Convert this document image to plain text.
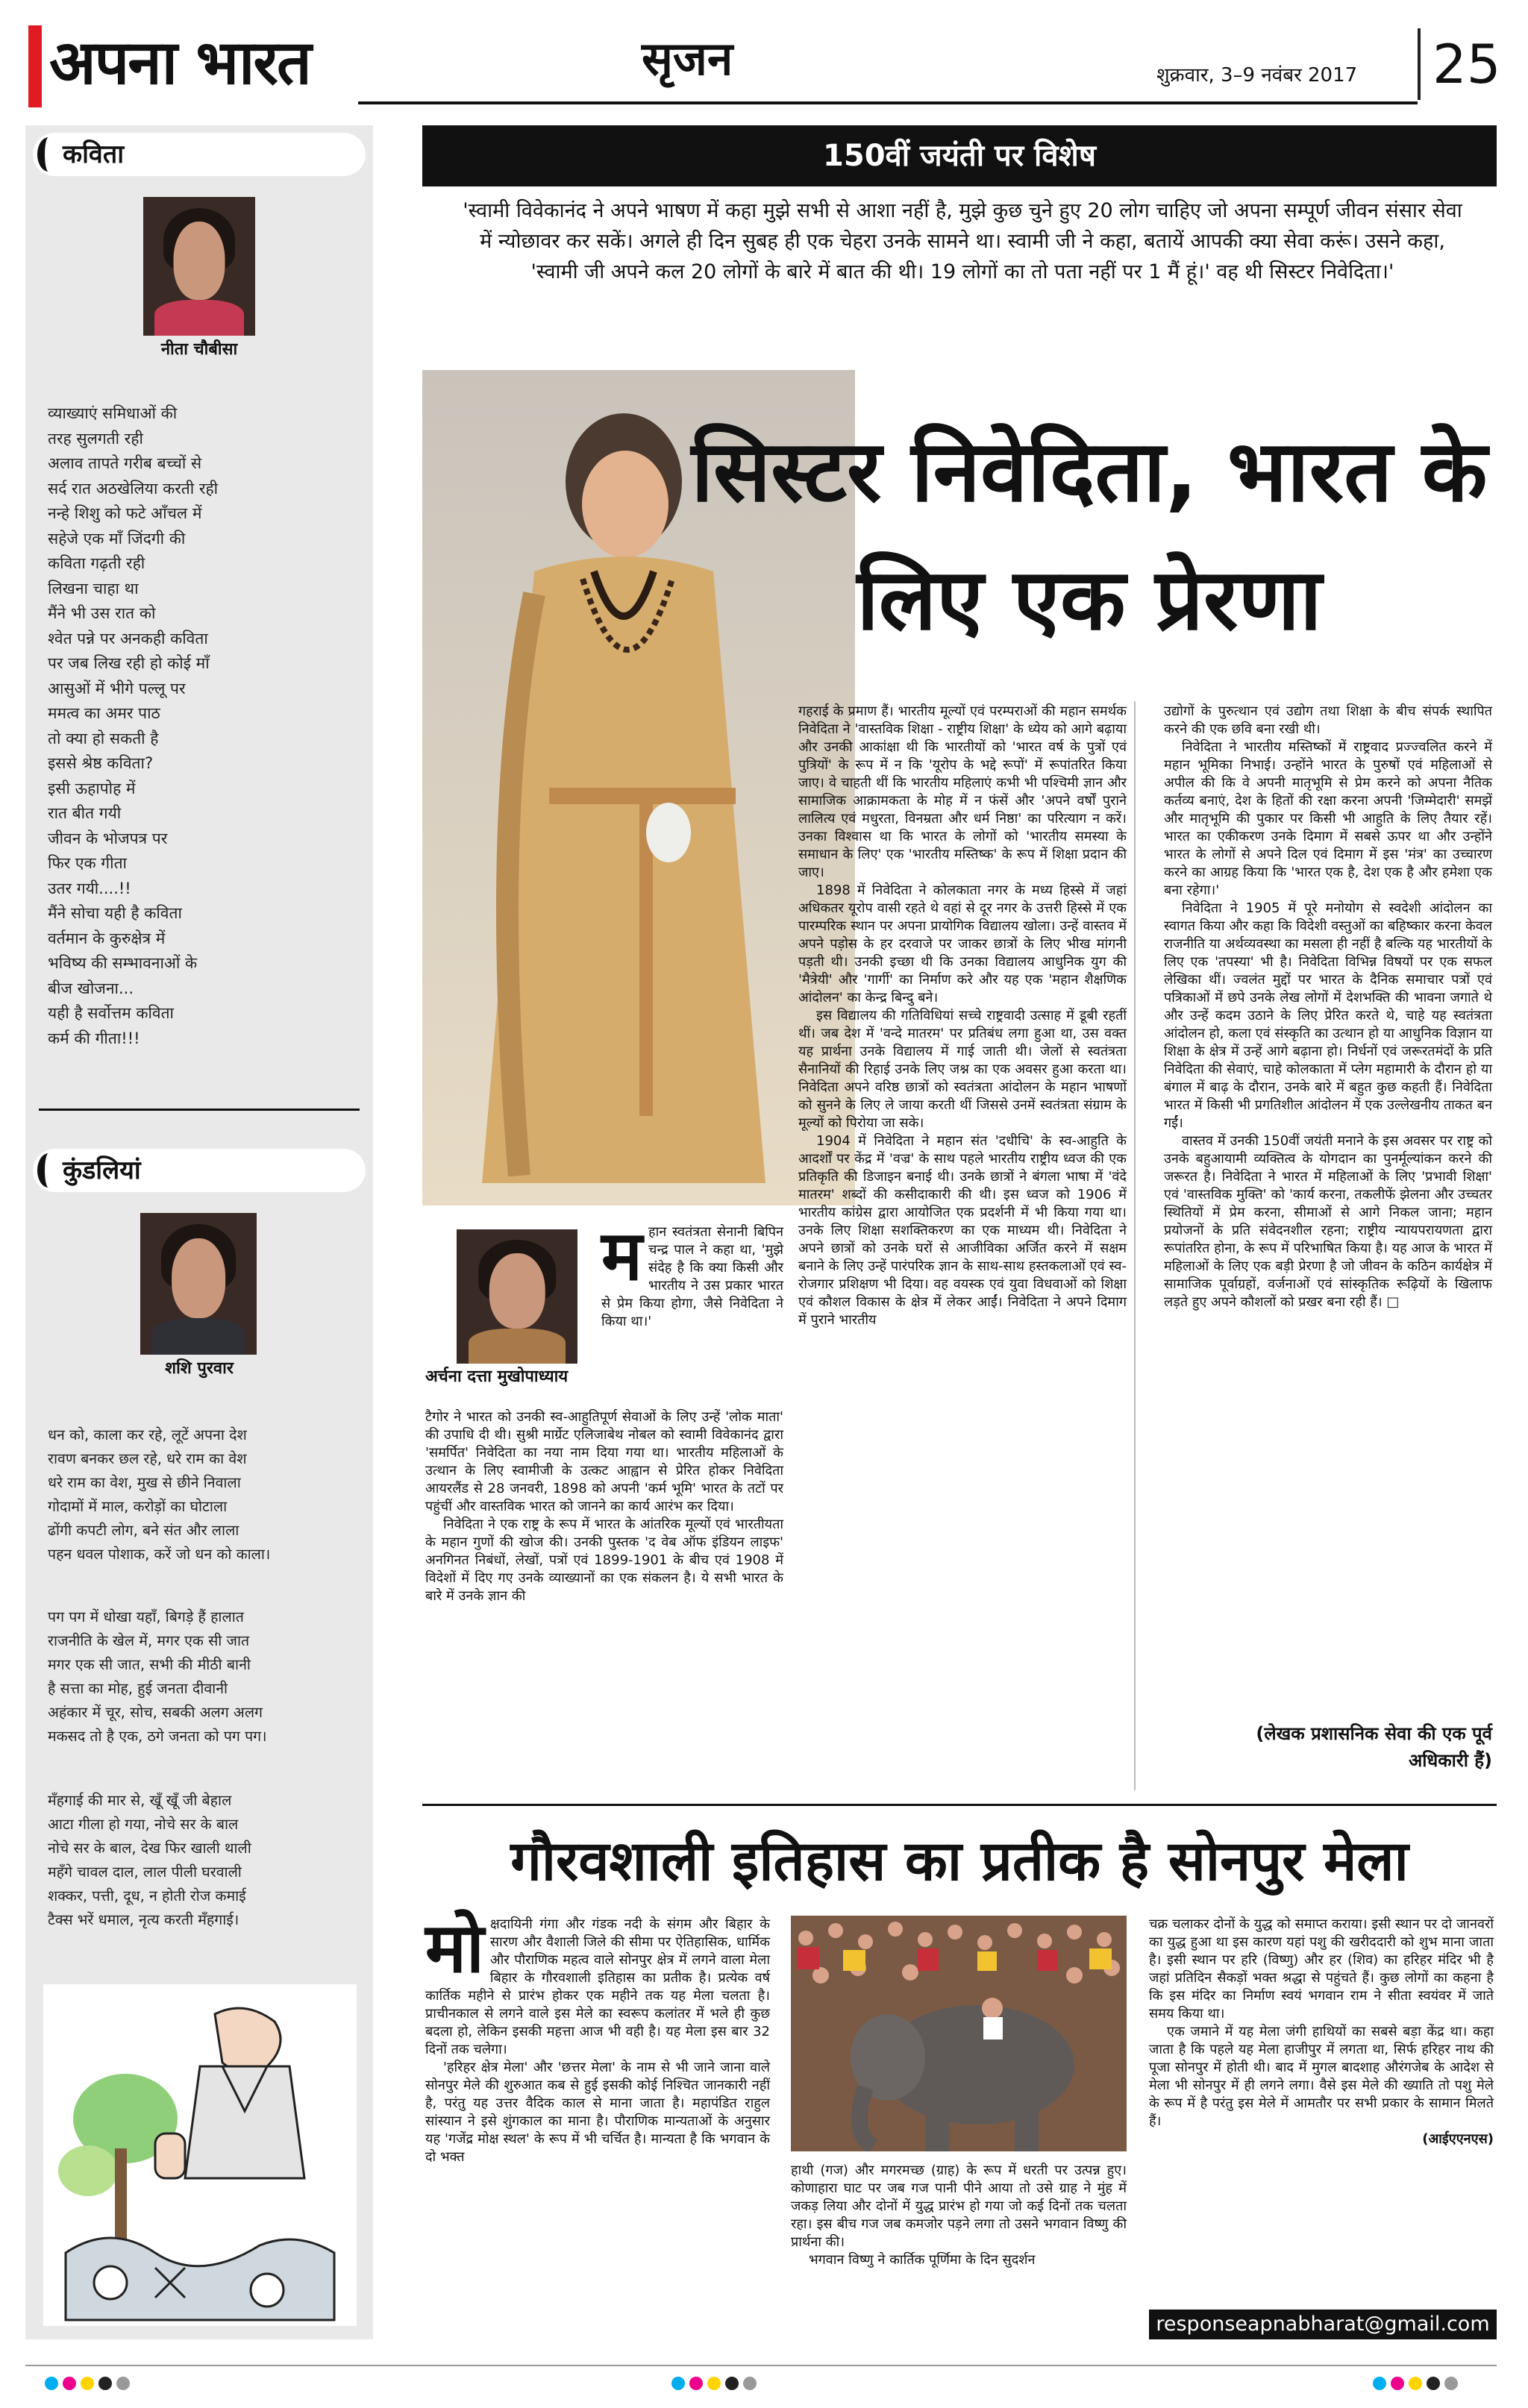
अपना भारत	सृजन	शुक्रवार, 3–9 नवंबर 2017 25
कविता
नीता चौबीसा
व्याख्याएं समिधाओं की
तरह सुलगती रही
अलाव तापते गरीब बच्चों से
सर्द रात अठखेलिया करती रही
नन्हे शिशु को फटे आँचल में
सहेजे एक माँ जिंदगी की
कविता गढ़ती रही
लिखना चाहा था
मैंने भी उस रात को
श्वेत पन्ने पर अनकही कविता
पर जब लिख रही हो कोई माँ
आसुओं में भीगे पल्लू पर
ममत्व का अमर पाठ
तो क्या हो सकती है
इससे श्रेष्ठ कविता?
इसी ऊहापोह में
रात बीत गयी
जीवन के भोजपत्र पर
फिर एक गीता
उतर गयी....!!
मैंने सोचा यही है कविता
वर्तमान के कुरुक्षेत्र में
भविष्य की सम्भावनाओं के
बीज खोजना...
यही है सर्वोत्तम कविता
कर्म की गीता!!!
कुंडलियां
शशि पुरवार
धन को, काला कर रहे, लूटें अपना देश
रावण बनकर छल रहे, धरे राम का वेश
धरे राम का वेश, मुख से छीने निवाला
गोदामों में माल, करोड़ों का घोटाला
ढोंगी कपटी लोग, बने संत और लाला
पहन धवल पोशाक, करें जो धन को काला।
पग पग में धोखा यहाँ, बिगड़े हैं हालात
राजनीति के खेल में, मगर एक सी जात
मगर एक सी जात, सभी की मीठी बानी
है सत्ता का मोह, हुई जनता दीवानी
अहंकार में चूर, सोच, सबकी अलग अलग
मकसद तो है एक, ठगे जनता को पग पग।
मँहगाई की मार से, खूँ खूँ जी बेहाल
आटा गीला हो गया, नोचे सर के बाल
नोचे सर के बाल, देख फिर खाली थाली
महँगे चावल दाल, लाल पीली घरवाली
शक्कर, पत्ती, दूध, न होती रोज कमाई
टैक्स भरें धमाल, नृत्य करती मँहगाई।
150वीं जयंती पर विशेष
'स्वामी विवेकानंद ने अपने भाषण में कहा मुझे सभी से आशा नहीं है, मुझे कुछ चुने हुए 20 लोग चाहिए जो अपना सम्पूर्ण जीवन संसार सेवा में न्योछावर कर सकें। अगले ही दिन सुबह ही एक चेहरा उनके सामने था। स्वामी जी ने कहा, बतायें आपकी क्या सेवा करूं। उसने कहा, 'स्वामी जी अपने कल 20 लोगों के बारे में बात की थी। 19 लोगों का तो पता नहीं पर 1 मैं हूं।' वह थी सिस्टर निवेदिता।'
सिस्टर निवेदिता, भारत के लिए एक प्रेरणा
अर्चना दत्ता मुखोपाध्याय
महान स्वतंत्रता सेनानी बिपिन चन्द्र पाल ने कहा था, 'मुझे संदेह है कि क्या किसी और भारतीय ने उस प्रकार भारत से प्रेम किया होगा, जैसे निवेदिता ने किया था।'

टैगोर ने भारत को उनकी स्व-आहुतिपूर्ण सेवाओं के लिए उन्हें 'लोक माता' की उपाधि दी थी। सुश्री मार्ग्रेट एलिजाबेथ नोबल को स्वामी विवेकानंद द्वारा 'समर्पित' निवेदिता का नया नाम दिया गया था। भारतीय महिलाओं के उत्थान के लिए स्वामीजी के उत्कट आह्वान से प्रेरित होकर निवेदिता आयरलैंड से 28 जनवरी, 1898 को अपनी 'कर्म भूमि' भारत के तटों पर पहुंचीं और वास्तविक भारत को जानने का कार्य आरंभ कर दिया।

निवेदिता ने एक राष्ट्र के रूप में भारत के आंतरिक मूल्यों एवं भारतीयता के महान गुणों की खोज की। उनकी पुस्तक 'द वेब ऑफ इंडियन लाइफ' अनगिनत निबंधों, लेखों, पत्रों एवं 1899-1901 के बीच एवं 1908 में विदेशों में दिए गए उनके व्याख्यानों का एक संकलन है। ये सभी भारत के बारे में उनके ज्ञान की

गहराई के प्रमाण हैं। भारतीय मूल्यों एवं परम्पराओं की महान समर्थक निवेदिता ने 'वास्तविक शिक्षा - राष्ट्रीय शिक्षा' के ध्येय को आगे बढ़ाया और उनकी आकांक्षा थी कि भारतीयों को 'भारत वर्ष के पुत्रों एवं पुत्रियों' के रूप में न कि 'यूरोप के भद्दे रूपों' में रूपांतरित किया जाए। वे चाहती थीं कि भारतीय महिलाएं कभी भी पश्चिमी ज्ञान और सामाजिक आक्रामकता के मोह में न फंसें और 'अपने वर्षों पुराने लालित्य एवं मधुरता, विनम्रता और धर्म निष्ठा' का परित्याग न करें। उनका विश्वास था कि भारत के लोगों को 'भारतीय समस्या के समाधान के लिए' एक 'भारतीय मस्तिष्क' के रूप में शिक्षा प्रदान की जाए।

1898 में निवेदिता ने कोलकाता नगर के मध्य हिस्से में जहां अधिकतर यूरोप वासी रहते थे वहां से दूर नगर के उत्तरी हिस्से में एक पारम्परिक स्थान पर अपना प्रायोगिक विद्यालय खोला। उन्हें वास्तव में अपने पड़ोस के हर दरवाजे पर जाकर छात्रों के लिए भीख मांगनी पड़ती थी। उनकी इच्छा थी कि उनका विद्यालय आधुनिक युग की 'मैत्रेयी' और 'गार्गी' का निर्माण करे और यह एक 'महान शैक्षणिक आंदोलन' का केन्द्र बिन्दु बने।

इस विद्यालय की गतिविधियां सच्चे राष्ट्रवादी उत्साह में डूबी रहतीं थीं। जब देश में 'वन्दे मातरम' पर प्रतिबंध लगा हुआ था, उस वक्त यह प्रार्थना उनके विद्यालय में गाई जाती थी। जेलों से स्वतंत्रता सैनानियों की रिहाई उनके लिए जश्न का एक अवसर हुआ करता था। निवेदिता अपने वरिष्ठ छात्रों को स्वतंत्रता आंदोलन के महान भाषणों को सुनने के लिए ले जाया करती थीं जिससे उनमें स्वतंत्रता संग्राम के मूल्यों को पिरोया जा सके।

1904 में निवेदिता ने महान संत 'दधीचि' के स्व-आहुति के आदर्शों पर केंद्र में 'वज्र' के साथ पहले भारतीय राष्ट्रीय ध्वज की एक प्रतिकृति की डिजाइन बनाई थी। उनके छात्रों ने बंगला भाषा में 'वंदे मातरम' शब्दों की कसीदाकारी की थी। इस ध्वज को 1906 में भारतीय कांग्रेस द्वारा आयोजित एक प्रदर्शनी में भी किया गया था। उनके लिए शिक्षा सशक्तिकरण का एक माध्यम थी। निवेदिता ने अपने छात्रों को उनके घरों से आजीविका अर्जित करने में सक्षम बनाने के लिए उन्हें पारंपरिक ज्ञान के साथ-साथ हस्तकलाओं एवं स्व-रोजगार प्रशिक्षण भी दिया। वह वयस्क एवं युवा विधवाओं को शिक्षा एवं कौशल विकास के क्षेत्र में लेकर आईं। निवेदिता ने अपने दिमाग में पुराने भारतीय

उद्योगों के पुरुत्थान एवं उद्योग तथा शिक्षा के बीच संपर्क स्थापित करने की एक छवि बना रखी थी।

निवेदिता ने भारतीय मस्तिष्कों में राष्ट्रवाद प्रज्ज्वलित करने में महान भूमिका निभाई। उन्होंने भारत के पुरुषों एवं महिलाओं से अपील की कि वे अपनी मातृभूमि से प्रेम करने को अपना नैतिक कर्तव्य बनाएं, देश के हितों की रक्षा करना अपनी 'जिम्मेदारी' समझें और मातृभूमि की पुकार पर किसी भी आहुति के लिए तैयार रहें। भारत का एकीकरण उनके दिमाग में सबसे ऊपर था और उन्होंने भारत के लोगों से अपने दिल एवं दिमाग में इस 'मंत्र' का उच्चारण करने का आग्रह किया कि 'भारत एक है, देश एक है और हमेशा एक बना रहेगा।'

निवेदिता ने 1905 में पूरे मनोयोग से स्वदेशी आंदोलन का स्वागत किया और कहा कि विदेशी वस्तुओं का बहिष्कार करना केवल राजनीति या अर्थव्यवस्था का मसला ही नहीं है बल्कि यह भारतीयों के लिए एक 'तपस्या' भी है। निवेदिता विभिन्न विषयों पर एक सफल लेखिका थीं। ज्वलंत मुद्दों पर भारत के दैनिक समाचार पत्रों एवं पत्रिकाओं में छपे उनके लेख लोगों में देशभक्ति की भावना जगाते थे और उन्हें कदम उठाने के लिए प्रेरित करते थे, चाहे यह स्वतंत्रता आंदोलन हो, कला एवं संस्कृति का उत्थान हो या आधुनिक विज्ञान या शिक्षा के क्षेत्र में उन्हें आगे बढ़ाना हो। निर्धनों एवं जरूरतमंदों के प्रति निवेदिता की सेवाएं, चाहे कोलकाता में प्लेग महामारी के दौरान हो या बंगाल में बाढ़ के दौरान, उनके बारे में बहुत कुछ कहती हैं। निवेदिता भारत में किसी भी प्रगतिशील आंदोलन में एक उल्लेखनीय ताकत बन गईं।

वास्तव में उनकी 150वीं जयंती मनाने के इस अवसर पर राष्ट्र को उनके बहुआयामी व्यक्तित्व के योगदान का पुनर्मूल्यांकन करने की जरूरत है। निवेदिता ने भारत में महिलाओं के लिए 'प्रभावी शिक्षा' एवं 'वास्तविक मुक्ति' को 'कार्य करना, तकलीफें झेलना और उच्चतर स्थितियों में प्रेम करना, सीमाओं से आगे निकल जाना; महान प्रयोजनों के प्रति संवेदनशील रहना; राष्ट्रीय न्यायपरायणता द्वारा रूपांतरित होना, के रूप में परिभाषित किया है। यह आज के भारत में महिलाओं के लिए एक बड़ी प्रेरणा है जो जीवन के कठिन कार्यक्षेत्र में सामाजिक पूर्वाग्रहों, वर्जनाओं एवं सांस्कृतिक रूढ़ियों के खिलाफ लड़ते हुए अपने कौशलों को प्रखर बना रही हैं। □

(लेखक प्रशासनिक सेवा की एक पूर्व अधिकारी हैं)
गौरवशाली इतिहास का प्रतीक है सोनपुर मेला
मोक्षदायिनी गंगा और गंडक नदी के संगम और बिहार के सारण और वैशाली जिले की सीमा पर ऐतिहासिक, धार्मिक और पौराणिक महत्व वाले सोनपुर क्षेत्र में लगने वाला मेला बिहार के गौरवशाली इतिहास का प्रतीक है। प्रत्येक वर्ष कार्तिक महीने से प्रारंभ होकर एक महीने तक यह मेला चलता है। प्राचीनकाल से लगने वाले इस मेले का स्वरूप कलांतर में भले ही कुछ बदला हो, लेकिन इसकी महत्ता आज भी वही है। यह मेला इस बार 32 दिनों तक चलेगा।

'हरिहर क्षेत्र मेला' और 'छत्तर मेला' के नाम से भी जाने जाना वाले सोनपुर मेले की शुरुआत कब से हुई इसकी कोई निश्चित जानकारी नहीं है, परंतु यह उत्तर वैदिक काल से माना जाता है। महापंडित राहुल सांस्यान ने इसे शुंगकाल का माना है। पौराणिक मान्यताओं के अनुसार यह 'गजेंद्र मोक्ष स्थल' के रूप में भी चर्चित है। मान्यता है कि भगवान के दो भक्त

हाथी (गज) और मगरमच्छ (ग्राह) के रूप में धरती पर उत्पन्न हुए। कोणाहारा घाट पर जब गज पानी पीने आया तो उसे ग्राह ने मुंह में जकड़ लिया और दोनों में युद्ध प्रारंभ हो गया जो कई दिनों तक चलता रहा। इस बीच गज जब कमजोर पड़ने लगा तो उसने भगवान विष्णु की प्रार्थना की।

भगवान विष्णु ने कार्तिक पूर्णिमा के दिन सुदर्शन

चक्र चलाकर दोनों के युद्ध को समाप्त कराया। इसी स्थान पर दो जानवरों का युद्ध हुआ था इस कारण यहां पशु की खरीददारी को शुभ माना जाता है। इसी स्थान पर हरि (विष्णु) और हर (शिव) का हरिहर मंदिर भी है जहां प्रतिदिन सैकड़ों भक्त श्रद्धा से पहुंचते हैं। कुछ लोगों का कहना है कि इस मंदिर का निर्माण स्वयं भगवान राम ने सीता स्वयंवर में जाते समय किया था।

एक जमाने में यह मेला जंगी हाथियों का सबसे बड़ा केंद्र था। कहा जाता है कि पहले यह मेला हाजीपुर में लगता था, सिर्फ हरिहर नाथ की पूजा सोनपुर में होती थी। बाद में मुगल बादशाह औरंगजेब के आदेश से मेला भी सोनपुर में ही लगने लगा। वैसे इस मेले की ख्याति तो पशु मेले के रूप में है परंतु इस मेले में आमतौर पर सभी प्रकार के सामान मिलते हैं।

(आईएएनएस)
responseapnabharat@gmail.com
